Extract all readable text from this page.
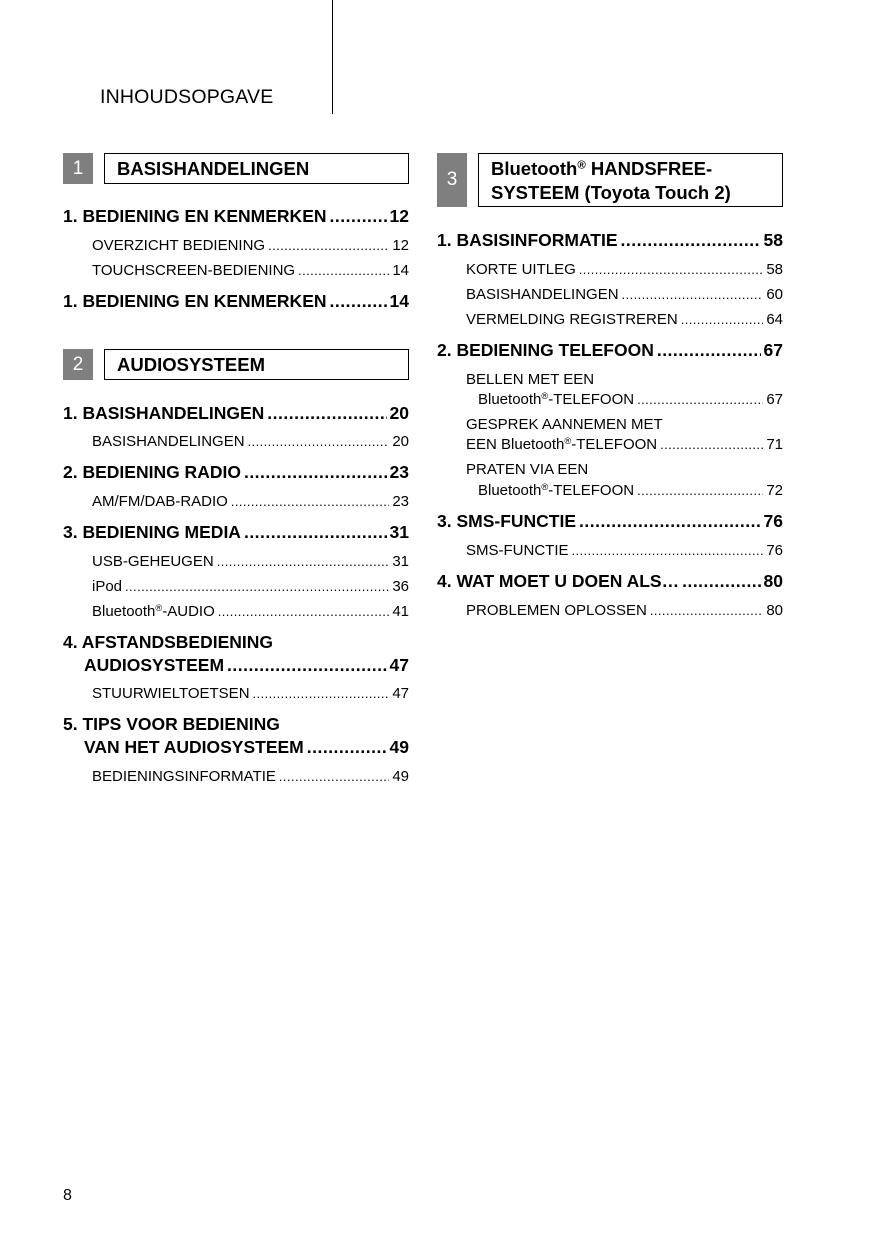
INHOUDSOPGAVE
1	BASISHANDELINGEN
1. BEDIENING EN KENMERKEN .....	12
OVERZICHT BEDIENING .....	12
TOUCHSCREEN-BEDIENING .....	14
1. BEDIENING EN KENMERKEN .....	14
2	AUDIOSYSTEEM
1. BASISHANDELINGEN .....	20
BASISHANDELINGEN .....	20
2. BEDIENING RADIO .....	23
AM/FM/DAB-RADIO .....	23
3. BEDIENING MEDIA .....	31
USB-GEHEUGEN .....	31
iPod .....	36
Bluetooth®-AUDIO .....	41
4. AFSTANDSBEDIENING
AUDIOSYSTEEM .....	47
STUURWIELTOETSEN .....	47
5. TIPS VOOR BEDIENING
VAN HET AUDIOSYSTEEM .....	49
BEDIENINGSINFORMATIE .....	49
3
Bluetooth® HANDSFREE-
SYSTEEM (Toyota Touch 2)
1. BASISINFORMATIE .....	58
KORTE UITLEG .....	58
BASISHANDELINGEN .....	60
VERMELDING REGISTREREN .....	64
2. BEDIENING TELEFOON .....	67
BELLEN MET EEN
Bluetooth®-TELEFOON .....	67
GESPREK AANNEMEN MET
EEN Bluetooth®-TELEFOON .....	71
PRATEN VIA EEN
Bluetooth®-TELEFOON .....	72
3. SMS-FUNCTIE .....	76
SMS-FUNCTIE .....	76
4. WAT MOET U DOEN ALS… .....	80
PROBLEMEN OPLOSSEN .....	80
8
